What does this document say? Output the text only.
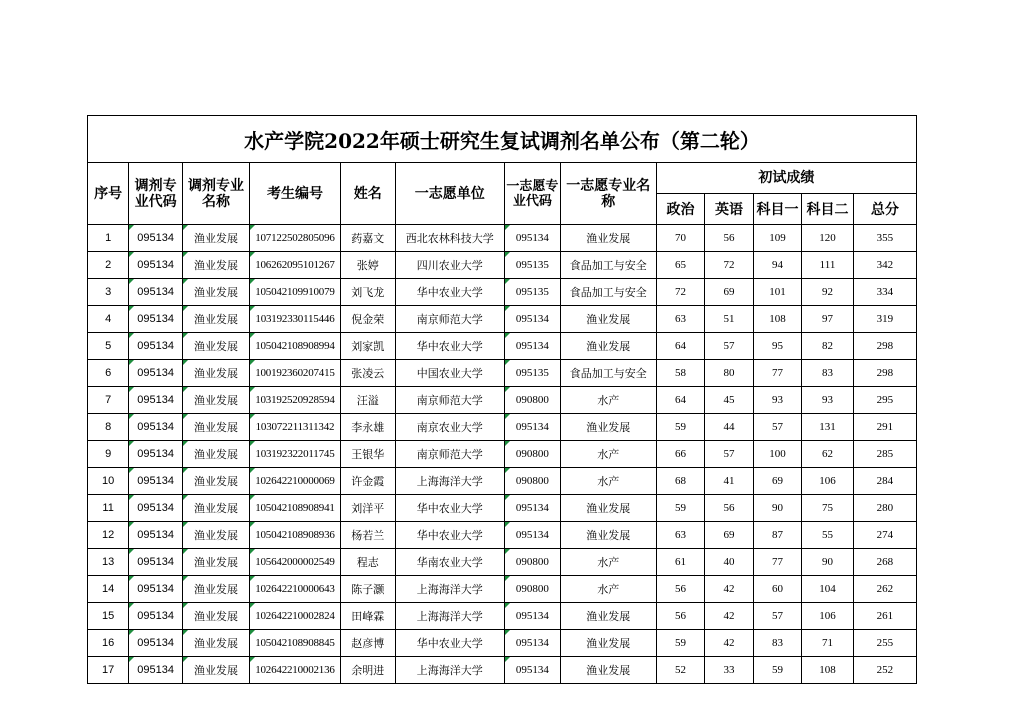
水产学院2022年硕士研究生复试调剂名单公布（第二轮）												
序号	调剂专业代码	调剂专业名称	考生编号	姓名	一志愿单位	一志愿专业代码	一志愿专业名称	初试成绩				
								政治	英语	科目一	科目二	总分
1	095134	渔业发展	107122502805096	药嘉文	西北农林科技大学	095134	渔业发展	70	56	109	120	355
2	095134	渔业发展	106262095101267	张婷	四川农业大学	095135	食品加工与安全	65	72	94	111	342
3	095134	渔业发展	105042109910079	刘飞龙	华中农业大学	095135	食品加工与安全	72	69	101	92	334
4	095134	渔业发展	103192330115446	倪金荣	南京师范大学	095134	渔业发展	63	51	108	97	319
5	095134	渔业发展	105042108908994	刘家凯	华中农业大学	095134	渔业发展	64	57	95	82	298
6	095134	渔业发展	100192360207415	张凌云	中国农业大学	095135	食品加工与安全	58	80	77	83	298
7	095134	渔业发展	103192520928594	汪溢	南京师范大学	090800	水产	64	45	93	93	295
8	095134	渔业发展	103072211311342	李永雄	南京农业大学	095134	渔业发展	59	44	57	131	291
9	095134	渔业发展	103192322011745	王银华	南京师范大学	090800	水产	66	57	100	62	285
10	095134	渔业发展	102642210000069	许金霞	上海海洋大学	090800	水产	68	41	69	106	284
11	095134	渔业发展	105042108908941	刘洋平	华中农业大学	095134	渔业发展	59	56	90	75	280
12	095134	渔业发展	105042108908936	杨若兰	华中农业大学	095134	渔业发展	63	69	87	55	274
13	095134	渔业发展	105642000002549	程志	华南农业大学	090800	水产	61	40	77	90	268
14	095134	渔业发展	102642210000643	陈子灏	上海海洋大学	090800	水产	56	42	60	104	262
15	095134	渔业发展	102642210002824	田峰霖	上海海洋大学	095134	渔业发展	56	42	57	106	261
16	095134	渔业发展	105042108908845	赵彦博	华中农业大学	095134	渔业发展	59	42	83	71	255
17	095134	渔业发展	102642210002136	余明进	上海海洋大学	095134	渔业发展	52	33	59	108	252
